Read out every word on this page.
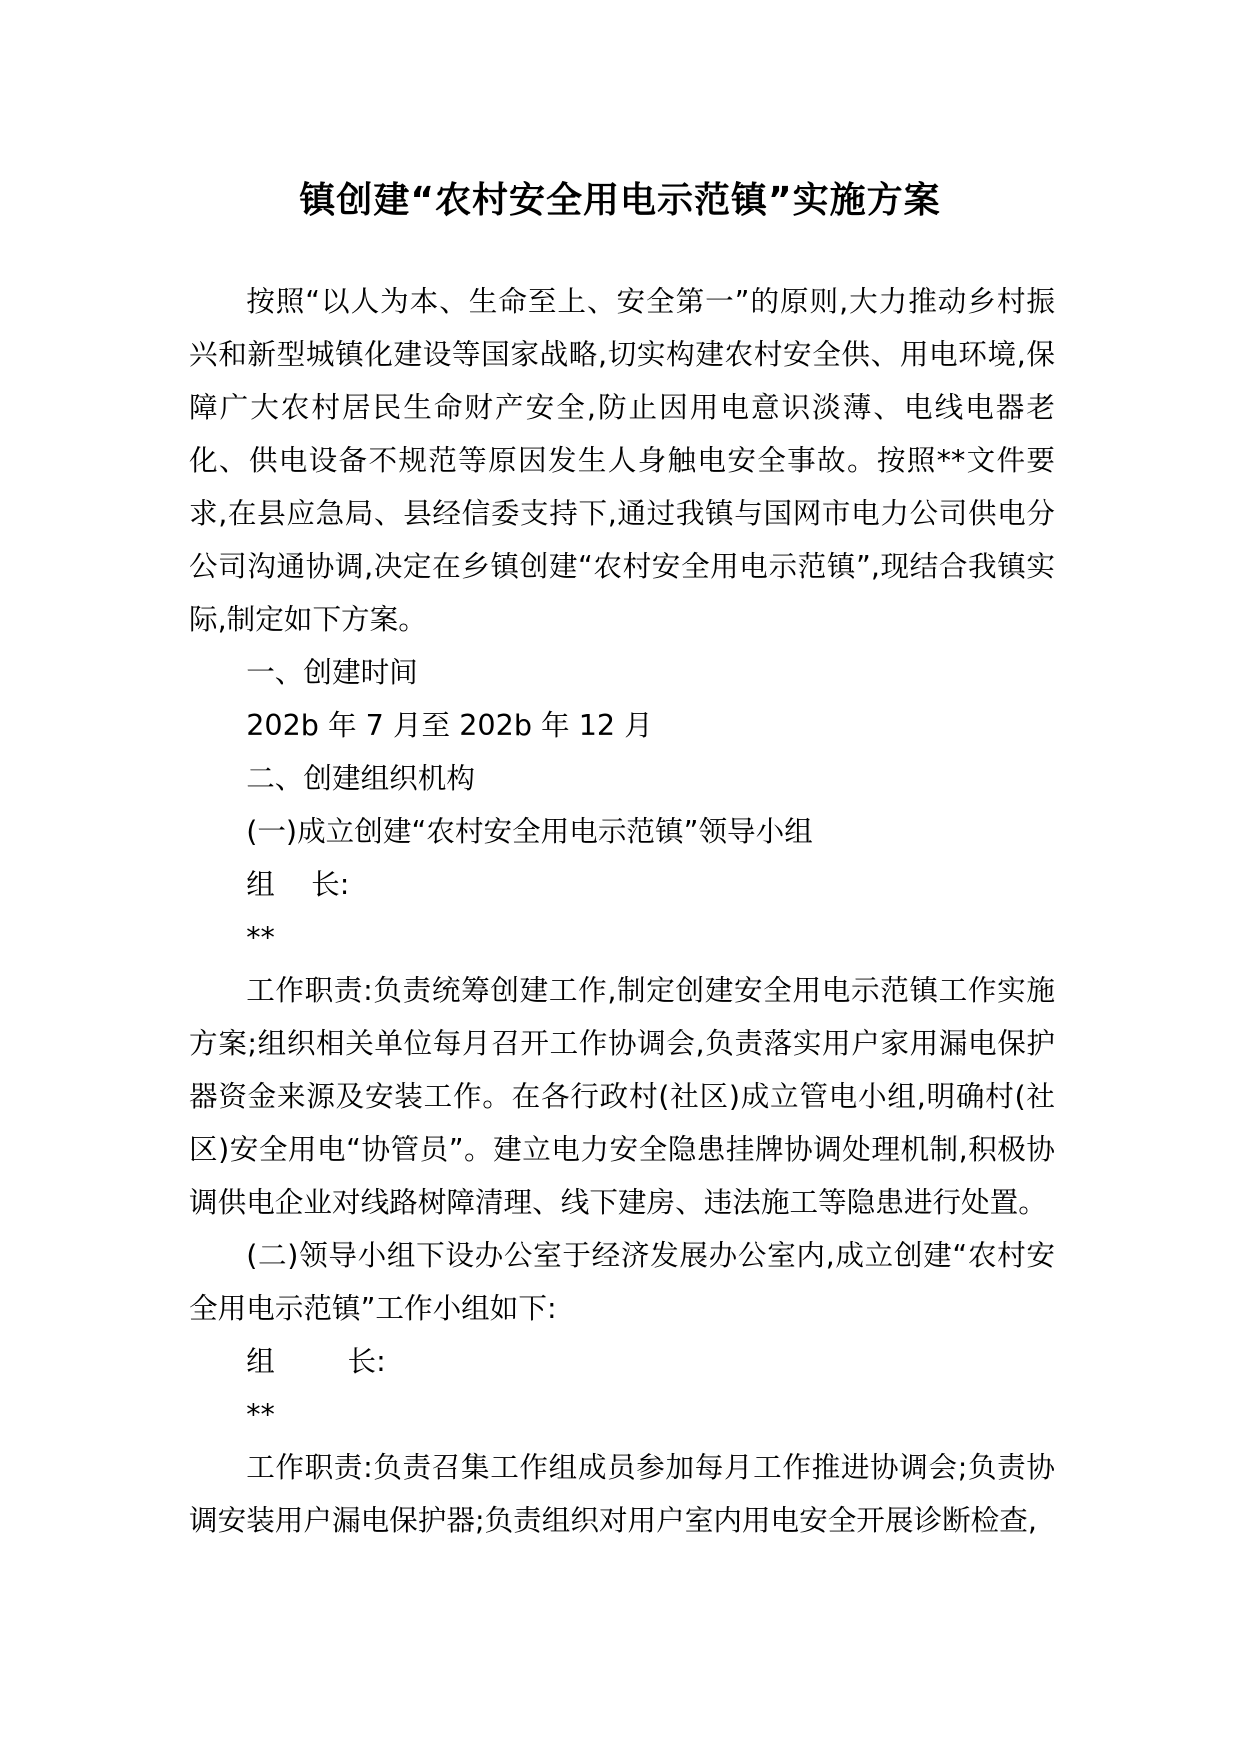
镇创建“农村安全用电示范镇”实施方案

按照“以人为本、生命至上、安全第一”的原则,大力推动乡村振兴和新型城镇化建设等国家战略,切实构建农村安全供、用电环境,保障广大农村居民生命财产安全,防止因用电意识淡薄、电线电器老化、供电设备不规范等原因发生人身触电安全事故。按照**文件要求,在县应急局、县经信委支持下,通过我镇与国网市电力公司供电分公司沟通协调,决定在乡镇创建“农村安全用电示范镇”,现结合我镇实际,制定如下方案。

一、创建时间

202b 年 7 月至 202b 年 12 月

二、创建组织机构

(一)成立创建“农村安全用电示范镇”领导小组

组    长:

**

工作职责:负责统筹创建工作,制定创建安全用电示范镇工作实施方案;组织相关单位每月召开工作协调会,负责落实用户家用漏电保护器资金来源及安装工作。在各行政村(社区)成立管电小组,明确村(社区)安全用电“协管员”。建立电力安全隐患挂牌协调处理机制,积极协调供电企业对线路树障清理、线下建房、违法施工等隐患进行处置。

(二)领导小组下设办公室于经济发展办公室内,成立创建“农村安全用电示范镇”工作小组如下:

组        长:

**

工作职责:负责召集工作组成员参加每月工作推进协调会;负责协调安装用户漏电保护器;负责组织对用户室内用电安全开展诊断检查,
